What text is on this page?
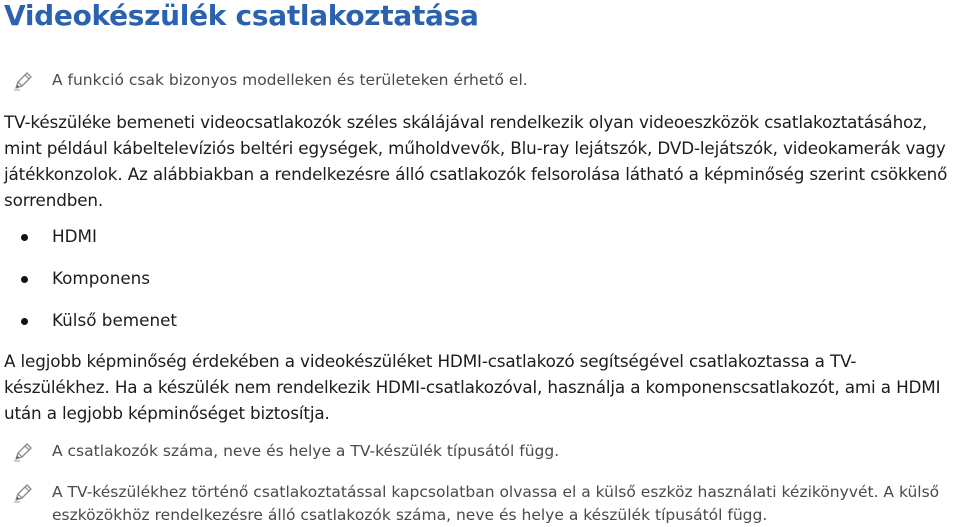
Videokészülék csatlakoztatása
A funkció csak bizonyos modelleken és területeken érhető el.

TV-készüléke bemeneti videocsatlakozók széles skálájával rendelkezik olyan videoeszközök csatlakoztatásához, mint például kábeltelevíziós beltéri egységek, műholdvevők, Blu-ray lejátszók, DVD-lejátszók, videokamerák vagy játékkonzolok. Az alábbiakban a rendelkezésre álló csatlakozók felsorolása látható a képminőség szerint csökkenő sorrendben.

HDMI
Komponens
Külső bemenet

A legjobb képminőség érdekében a videokészüléket HDMI-csatlakozó segítségével csatlakoztassa a TV-készülékhez. Ha a készülék nem rendelkezik HDMI-csatlakozóval, használja a komponenscsatlakozót, ami a HDMI után a legjobb képminőséget biztosítja.

A csatlakozók száma, neve és helye a TV-készülék típusától függ.
A TV-készülékhez történő csatlakoztatással kapcsolatban olvassa el a külső eszköz használati kézikönyvét. A külső eszközökhöz rendelkezésre álló csatlakozók száma, neve és helye a készülék típusától függ.
